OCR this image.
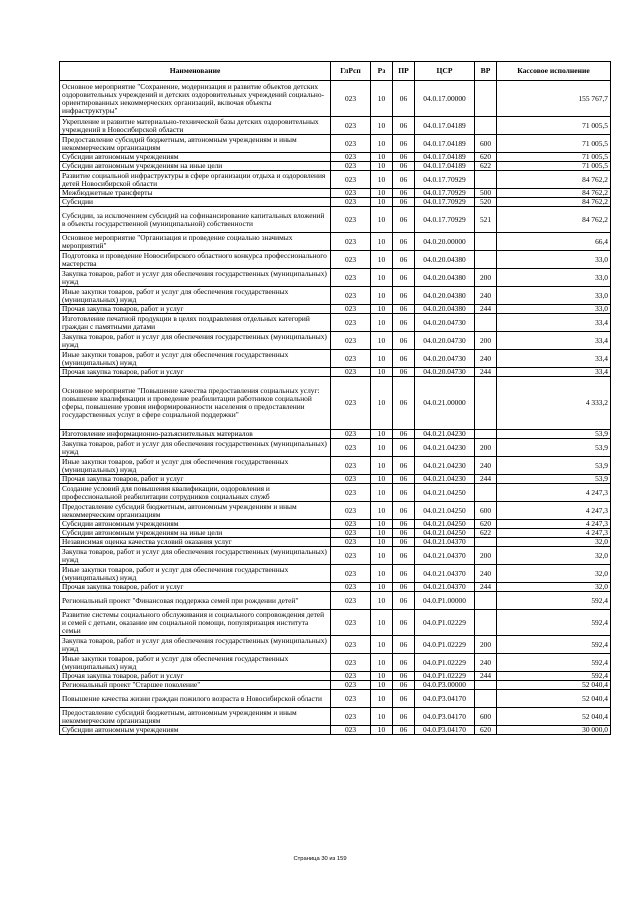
Наименование	ГлРсп	Рз	ПР	ЦСР	ВР	Кассовое исполнение
Основное мероприятие "Сохранение, модернизация и развитие объектов детских оздоровительных учреждений и детских оздоровительных учреждений социально-ориентированных некоммерческих организаций, включая объекты инфраструктуры"	023	10	06	04.0.17.00000		155 767,7
Укрепление и развитие материально-технической базы детских оздоровительных учреждений в Новосибирской области	023	10	06	04.0.17.04189		71 005,5
Предоставление субсидий бюджетным, автономным учреждениям и иным некоммерческим организациям	023	10	06	04.0.17.04189	600	71 005,5
Субсидии автономным учреждениям	023	10	06	04.0.17.04189	620	71 005,5
Субсидии автономным учреждениям на иные цели	023	10	06	04.0.17.04189	622	71 005,5
Развитие социальной инфраструктуры в сфере организации отдыха и оздоровления детей Новосибирской области	023	10	06	04.0.17.70929		84 762,2
Межбюджетные трансферты	023	10	06	04.0.17.70929	500	84 762,2
Субсидии	023	10	06	04.0.17.70929	520	84 762,2
Субсидии, за исключением субсидий на софинансирование капитальных вложений в объекты государственной (муниципальной) собственности	023	10	06	04.0.17.70929	521	84 762,2
Основное мероприятие "Организация и проведение социально значимых мероприятий"	023	10	06	04.0.20.00000		66,4
Подготовка и проведение Новосибирского областного конкурса профессионального мастерства	023	10	06	04.0.20.04380		33,0
Закупка товаров, работ и услуг для обеспечения государственных (муниципальных) нужд	023	10	06	04.0.20.04380	200	33,0
Иные закупки товаров, работ и услуг для обеспечения государственных (муниципальных) нужд	023	10	06	04.0.20.04380	240	33,0
Прочая закупка товаров, работ и услуг	023	10	06	04.0.20.04380	244	33,0
Изготовление печатной продукции в целях поздравления отдельных категорий граждан с памятными датами	023	10	06	04.0.20.04730		33,4
Закупка товаров, работ и услуг для обеспечения государственных (муниципальных) нужд	023	10	06	04.0.20.04730	200	33,4
Иные закупки товаров, работ и услуг для обеспечения государственных (муниципальных) нужд	023	10	06	04.0.20.04730	240	33,4
Прочая закупка товаров, работ и услуг	023	10	06	04.0.20.04730	244	33,4
Основное мероприятие "Повышение качества предоставления социальных услуг: повышение квалификации и проведение реабилитации работников социальной сферы, повышение уровня информированности населения о предоставлении государственных услуг в сфере социальной поддержки"	023	10	06	04.0.21.00000		4 333,2
Изготовление информационно-разъяснительных материалов	023	10	06	04.0.21.04230		53,9
Закупка товаров, работ и услуг для обеспечения государственных (муниципальных) нужд	023	10	06	04.0.21.04230	200	53,9
Иные закупки товаров, работ и услуг для обеспечения государственных (муниципальных) нужд	023	10	06	04.0.21.04230	240	53,9
Прочая закупка товаров, работ и услуг	023	10	06	04.0.21.04230	244	53,9
Создание условий для повышения квалификации, оздоровления и профессиональной реабилитации сотрудников социальных служб	023	10	06	04.0.21.04250		4 247,3
Предоставление субсидий бюджетным, автономным учреждениям и иным некоммерческим организациям	023	10	06	04.0.21.04250	600	4 247,3
Субсидии автономным учреждениям	023	10	06	04.0.21.04250	620	4 247,3
Субсидии автономным учреждениям на иные цели	023	10	06	04.0.21.04250	622	4 247,3
Независимая оценка качества условий оказания услуг	023	10	06	04.0.21.04370		32,0
Закупка товаров, работ и услуг для обеспечения государственных (муниципальных) нужд	023	10	06	04.0.21.04370	200	32,0
Иные закупки товаров, работ и услуг для обеспечения государственных (муниципальных) нужд	023	10	06	04.0.21.04370	240	32,0
Прочая закупка товаров, работ и услуг	023	10	06	04.0.21.04370	244	32,0
Региональный проект "Финансовая поддержка семей при рождении детей"	023	10	06	04.0.P1.00000		592,4
Развитие системы социального обслуживания и социального сопровождения детей и семей с детьми, оказание им социальной помощи, популяризация института семьи	023	10	06	04.0.P1.02229		592,4
Закупка товаров, работ и услуг для обеспечения государственных (муниципальных) нужд	023	10	06	04.0.P1.02229	200	592,4
Иные закупки товаров, работ и услуг для обеспечения государственных (муниципальных) нужд	023	10	06	04.0.P1.02229	240	592,4
Прочая закупка товаров, работ и услуг	023	10	06	04.0.P1.02229	244	592,4
Региональный проект "Старшее поколение"	023	10	06	04.0.P3.00000		52 040,4
Повышение качества жизни граждан пожилого возраста в Новосибирской области	023	10	06	04.0.P3.04170		52 040,4
Предоставление субсидий бюджетным, автономным учреждениям и иным некоммерческим организациям	023	10	06	04.0.P3.04170	600	52 040,4
Субсидии автономным учреждениям	023	10	06	04.0.P3.04170	620	30 000,0
Страница 30 из 159
